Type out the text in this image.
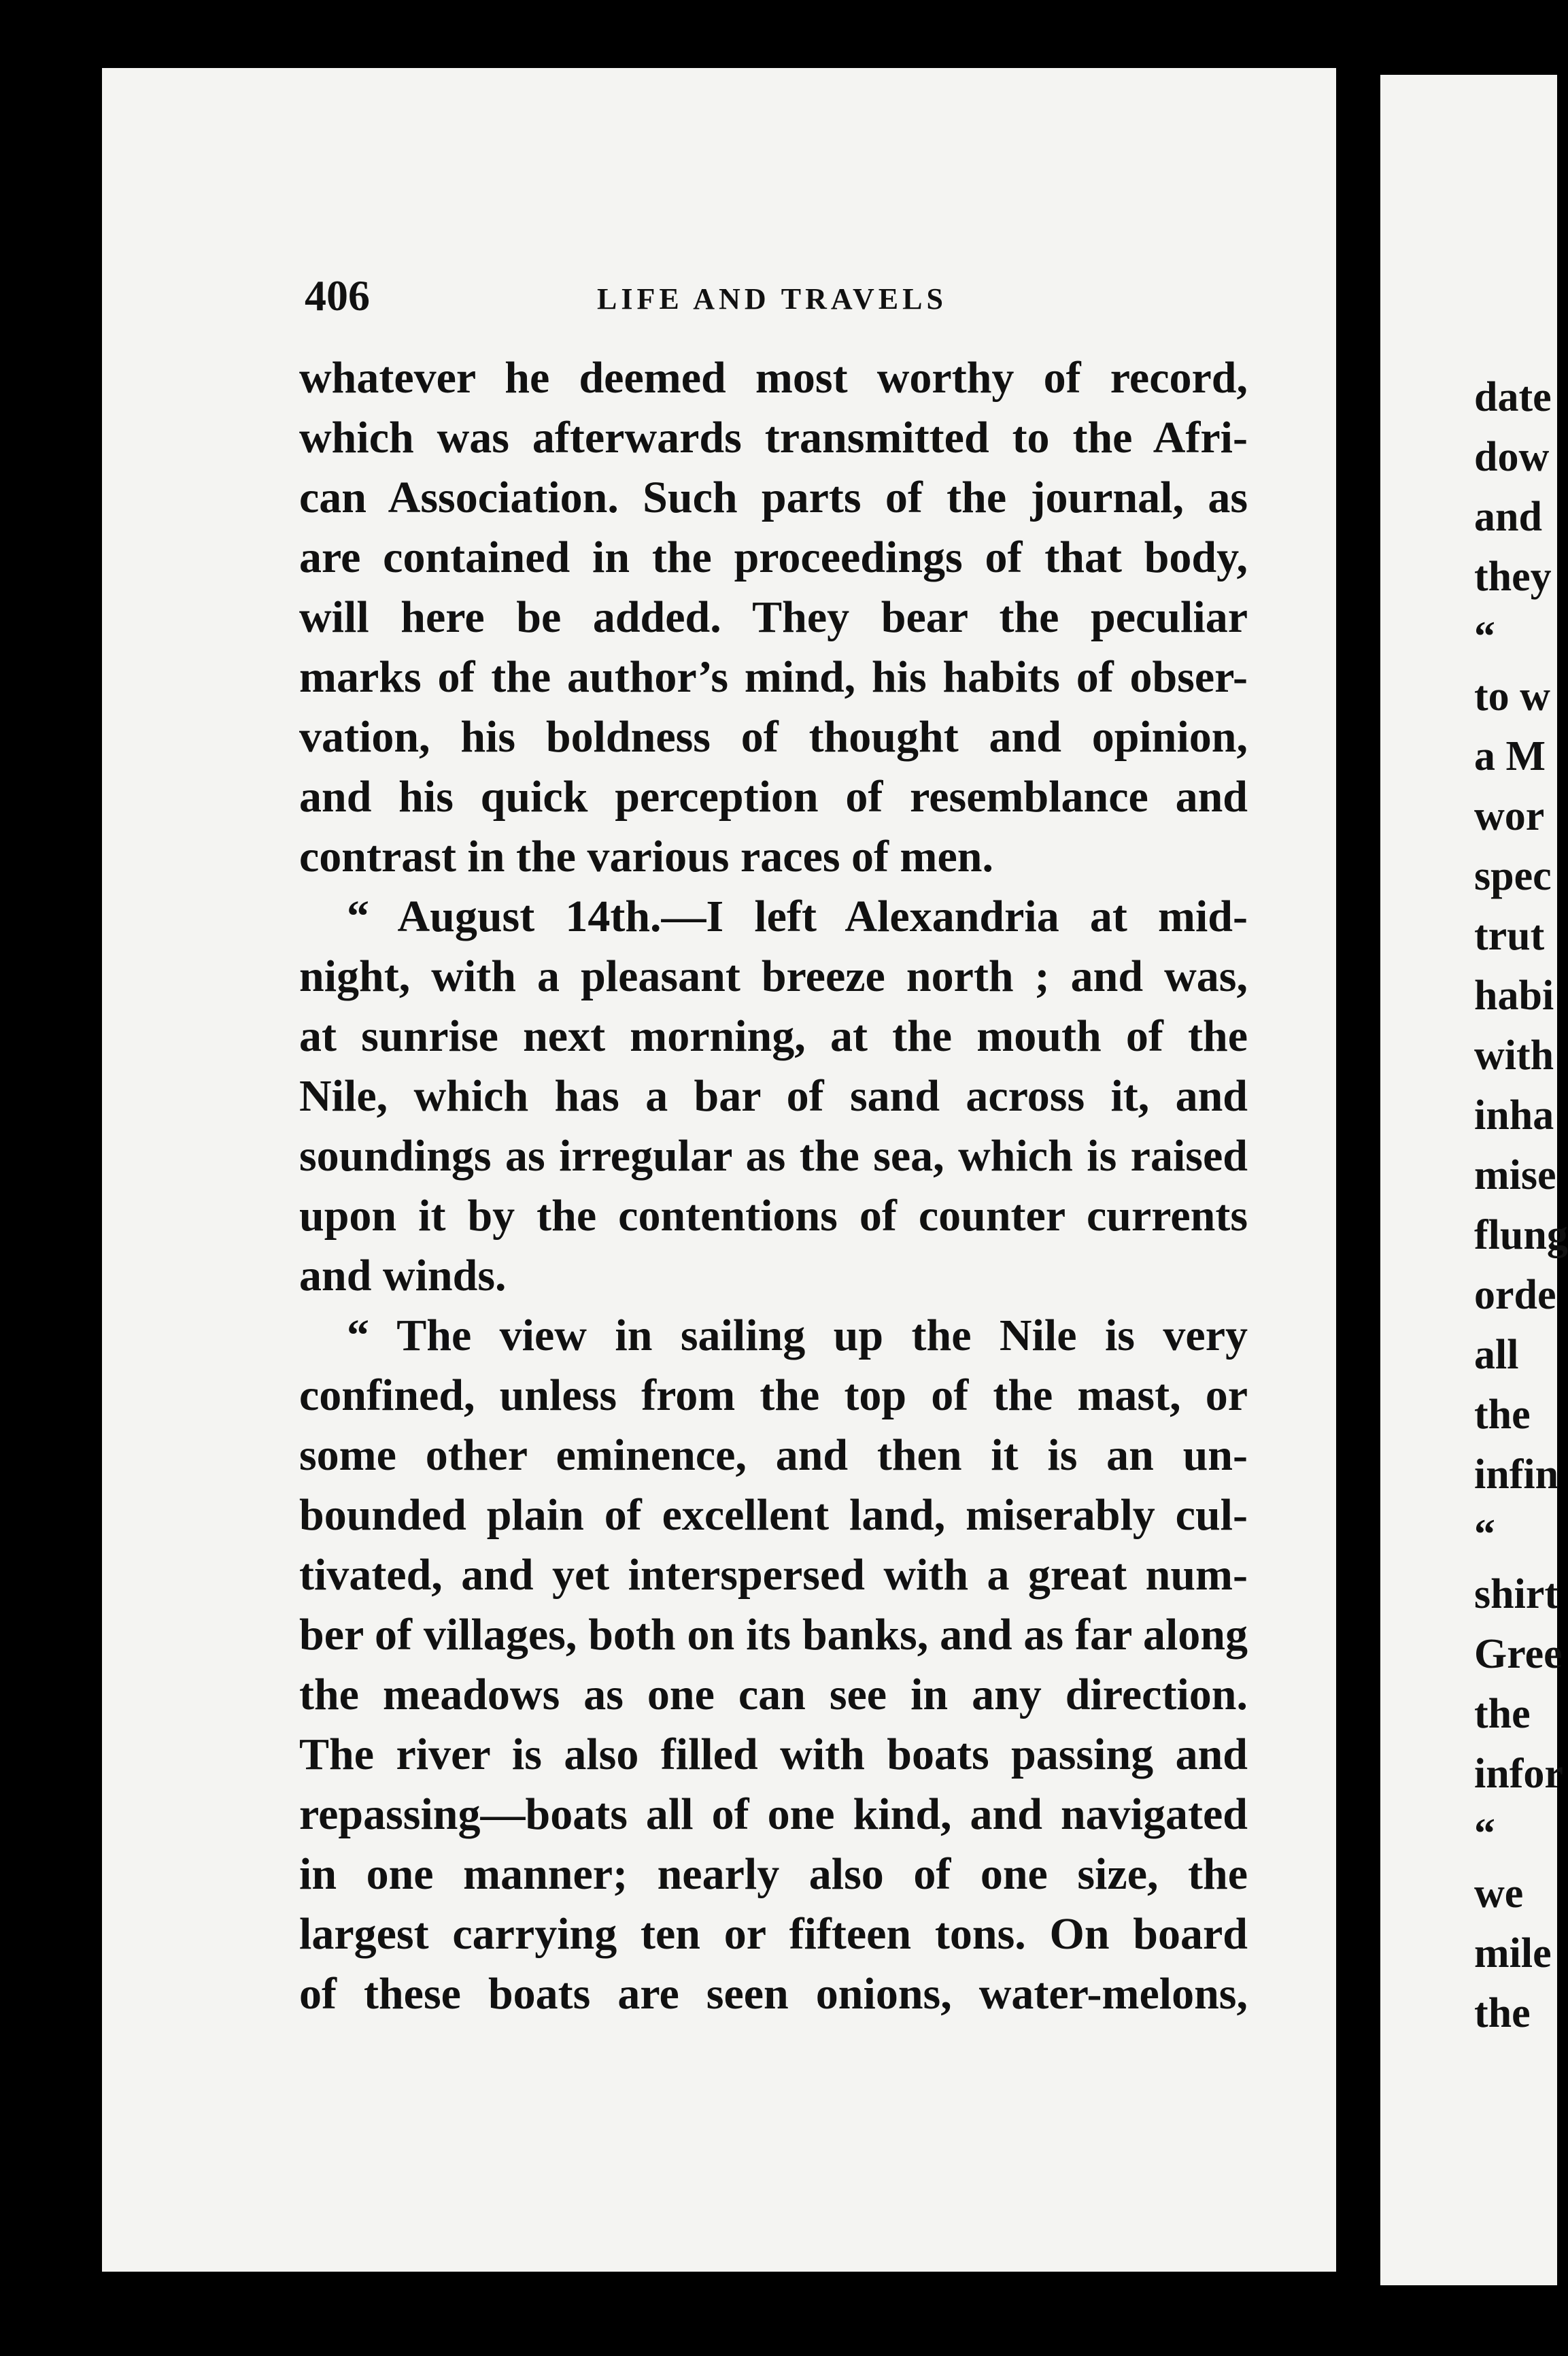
406	LIFE AND TRAVELS
whatever he deemed most worthy of record,
which was afterwards transmitted to the Afri-
can Association. Such parts of the journal, as
are contained in the proceedings of that body,
will here be added. They bear the peculiar
marks of the author’s mind, his habits of obser-
vation, his boldness of thought and opinion,
and his quick perception of resemblance and
contrast in the various races of men.
“ August 14th.—I left Alexandria at mid-
night, with a pleasant breeze north ; and was,
at sunrise next morning, at the mouth of the
Nile, which has a bar of sand across it, and
soundings as irregular as the sea, which is raised
upon it by the contentions of counter currents
and winds.
“ The view in sailing up the Nile is very
confined, unless from the top of the mast, or
some other eminence, and then it is an un-
bounded plain of excellent land, miserably cul-
tivated, and yet interspersed with a great num-
ber of villages, both on its banks, and as far along
the meadows as one can see in any direction.
The river is also filled with boats passing and
repassing—boats all of one kind, and navigated
in one manner; nearly also of one size, the
largest carrying ten or fifteen tons. On board
of these boats are seen onions, water-melons,
date
dow
and
they
“
to w
a M
wor
spec
trut
habi
with
inha
mise
flung
orde
all
the
infin
“
shirt
Gree
the
infor
“
we
mile
the
